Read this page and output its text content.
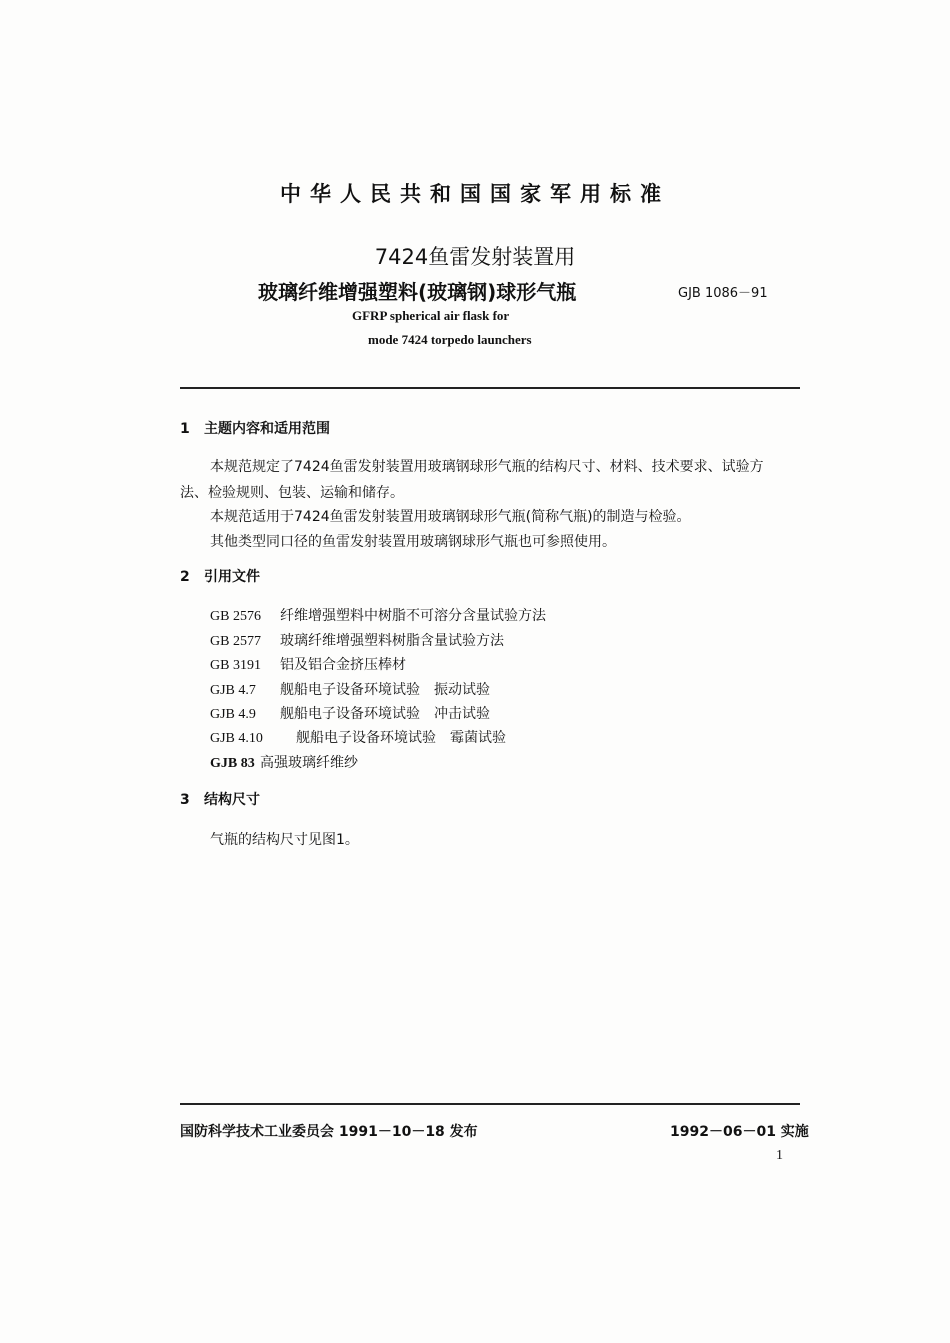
中华人民共和国国家军用标准
7424鱼雷发射装置用
玻璃纤维增强塑料(玻璃钢)球形气瓶	GJB 1086－91
GFRP spherical air flask for
mode 7424 torpedo launchers
1 主题内容和适用范围
本规范规定了7424鱼雷发射装置用玻璃钢球形气瓶的结构尺寸、材料、技术要求、试验方
法、检验规则、包装、运输和储存。
本规范适用于7424鱼雷发射装置用玻璃钢球形气瓶(简称气瓶)的制造与检验。
其他类型同口径的鱼雷发射装置用玻璃钢球形气瓶也可参照使用。
2 引用文件
GB 2576 纤维增强塑料中树脂不可溶分含量试验方法
GB 2577 玻璃纤维增强塑料树脂含量试验方法
GB 3191 铝及铝合金挤压棒材
GJB 4.7 舰船电子设备环境试验　振动试验
GJB 4.9 舰船电子设备环境试验　冲击试验
GJB 4.10 舰船电子设备环境试验　霉菌试验
GJB 83 高强玻璃纤维纱
3 结构尺寸
气瓶的结构尺寸见图1。
国防科学技术工业委员会 1991－10－18 发布	1992－06－01 实施
1
